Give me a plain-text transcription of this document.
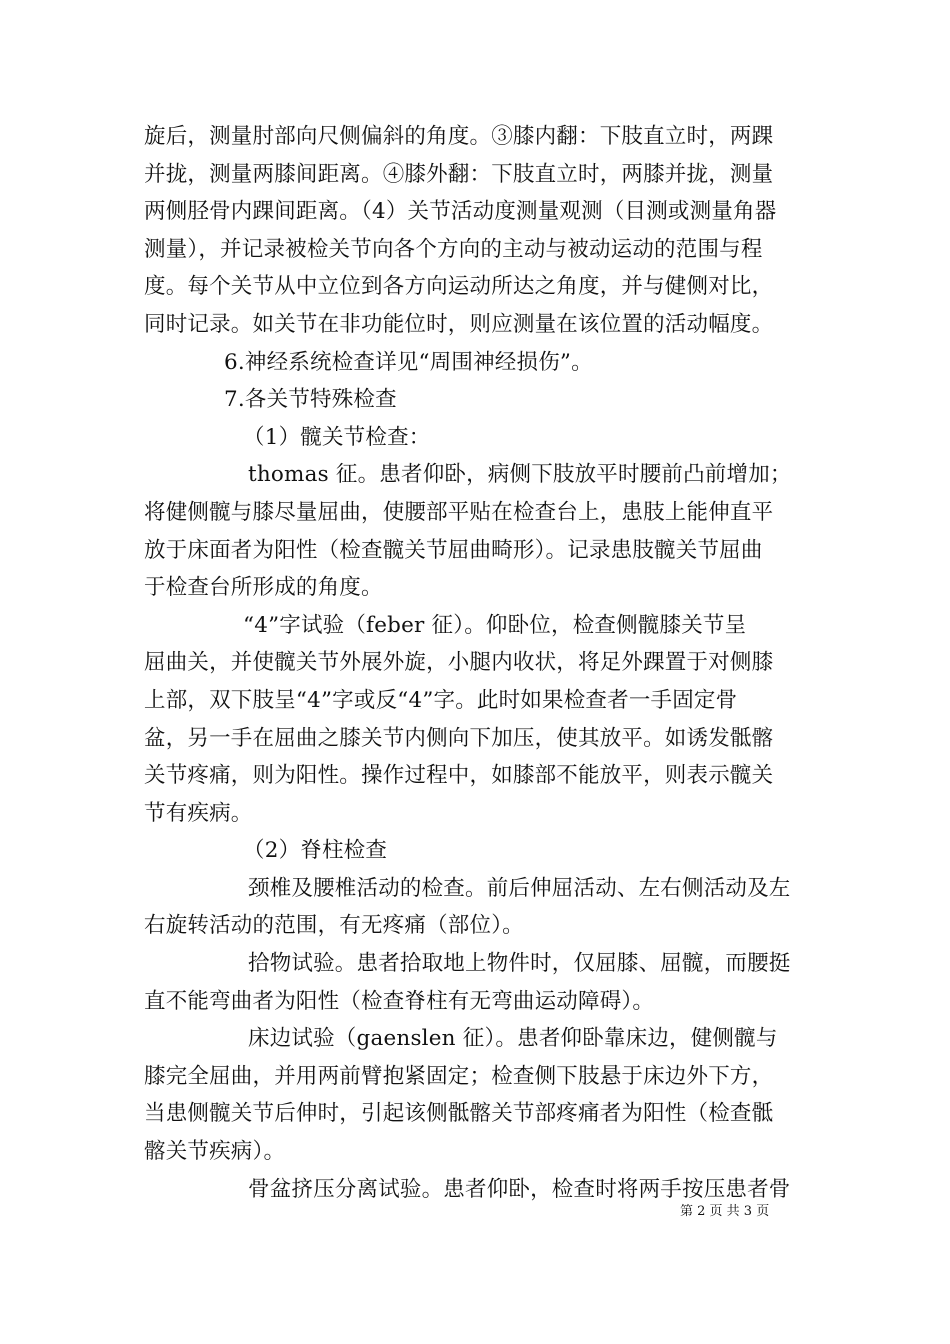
旋后，测量肘部向尺侧偏斜的角度。③膝内翻：下肢直立时，两踝
并拢，测量两膝间距离。④膝外翻：下肢直立时，两膝并拢，测量
两侧胫骨内踝间距离。（4）关节活动度测量观测（目测或测量角器
测量），并记录被检关节向各个方向的主动与被动运动的范围与程
度。每个关节从中立位到各方向运动所达之角度，并与健侧对比，
同时记录。如关节在非功能位时，则应测量在该位置的活动幅度。
6.神经系统检查详见“周围神经损伤”。
7.各关节特殊检查
（1）髋关节检查：
thomas 征。患者仰卧，病侧下肢放平时腰前凸前增加；
将健侧髋与膝尽量屈曲，使腰部平贴在检查台上，患肢上能伸直平
放于床面者为阳性（检查髋关节屈曲畸形）。记录患肢髋关节屈曲
于检查台所形成的角度。
“4”字试验（feber 征）。仰卧位，检查侧髋膝关节呈
屈曲关，并使髋关节外展外旋，小腿内收状，将足外踝置于对侧膝
上部，双下肢呈“4”字或反“4”字。此时如果检查者一手固定骨
盆，另一手在屈曲之膝关节内侧向下加压，使其放平。如诱发骶髂
关节疼痛，则为阳性。操作过程中，如膝部不能放平，则表示髋关
节有疾病。
（2）脊柱检查
颈椎及腰椎活动的检查。前后伸屈活动、左右侧活动及左
右旋转活动的范围，有无疼痛（部位）。
拾物试验。患者拾取地上物件时，仅屈膝、屈髋，而腰挺
直不能弯曲者为阳性（检查脊柱有无弯曲运动障碍）。
床边试验（gaenslen 征）。患者仰卧靠床边，健侧髋与
膝完全屈曲，并用两前臂抱紧固定；检查侧下肢悬于床边外下方，
当患侧髋关节后伸时，引起该侧骶髂关节部疼痛者为阳性（检查骶
髂关节疾病）。
骨盆挤压分离试验。患者仰卧，检查时将两手按压患者骨
第 2 页 共 3 页
